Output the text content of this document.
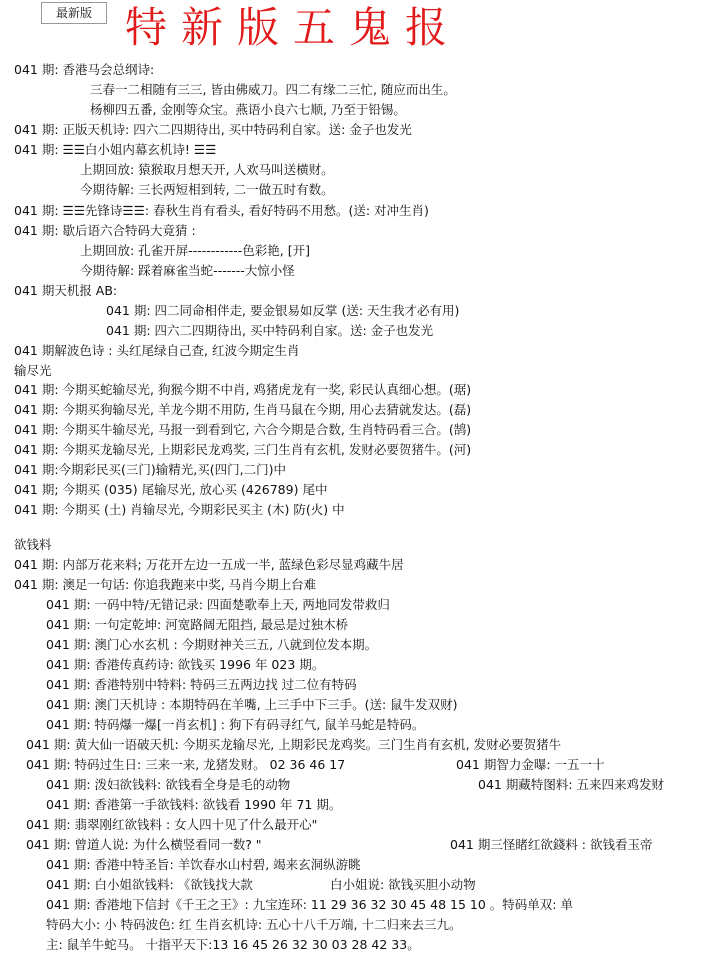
最新版 特新版五鬼报
041 期: 香港马会总纲诗:
三春一二相随有三三, 皆由佛威刀。四二有缘二三忙, 随应而出生。
杨柳四五番, 金刚等众宝。燕语小良六七顺, 乃至于铅锡。
041 期: 正版天机诗: 四六二四期待出, 买中特码利自家。送: 金子也发光
041 期: ☰☰白小姐内幕玄机诗! ☰☰
上期回放: 猿猴取月想天开, 人欢马叫送横财。
今期待解: 三长两短相到转, 二一做五时有数。
041 期: ☰☰先锋诗☰☰: 春秋生肖有看头, 看好特码不用愁。(送: 对冲生肖)
041 期: 歇后语六合特码大竟猜 :
上期回放: 孔雀开屏------------色彩艳, [开]
今期待解: 踩着麻雀当蛇-------大惊小怪
041 期天机报 AB:
041 期: 四二同命相伴走, 要金银易如反掌 (送: 天生我才必有用)
041 期: 四六二四期待出, 买中特码利自家。送: 金子也发光
041 期解波色诗 : 头红尾绿自己查, 红波今期定生肖
输尽光
041 期: 今期买蛇输尽光, 狗猴今期不中肖, 鸡猪虎龙有一奖, 彩民认真细心想。(琚)
041 期: 今期买狗输尽光, 羊龙今期不用防, 生肖马鼠在今期, 用心去猜就发达。(磊)
041 期: 今期买牛输尽光, 马报一到看到它, 六合今期是合数, 生肖特码看三合。(鹄)
041 期: 今期买龙输尽光, 上期彩民龙鸡奖, 三门生肖有玄机, 发财必要贺猪牛。(河)
041 期:今期彩民买(三门)输精光,买(四门,二门)中
041 期; 今期买 (035) 尾输尽光, 放心买 (426789) 尾中
041 期: 今期买 (土) 肖输尽光, 今期彩民买主 (木) 防(火) 中
欲钱料
041 期: 内部万花来料; 万花开左边一五成一半, 蓝绿色彩尽显鸡藏牛居
041 期: 澳足一句话: 你追我跑来中奖, 马肖今期上台难
041 期: 一码中特/无错记录: 四面楚歌奉上天, 两地同发带救归
041 期: 一句定乾坤: 河宽路阔无阻挡, 最忌是过独木桥
041 期: 澳门心水玄机 : 今期财神关三五, 八就到位发本期。
041 期: 香港传真药诗: 欲钱买 1996 年 023 期。
041 期: 香港特别中特料: 特码三五两边找 过二位有特码
041 期: 澳门天机诗 : 本期特码在羊嘴, 上三手中下三手。(送: 鼠牛发双财)
041 期: 特码爆一爆[一肖玄机] : 狗下有码寻红气, 鼠羊马蛇是特码。
041 期: 黄大仙一语破天机: 今期买龙输尽光, 上期彩民龙鸡奖。三门生肖有玄机, 发财必要贺猪牛
041 期: 特码过生日: 三来一来, 龙猪发财。 02 36 46 17	041 期智力金曝: 一五一十
041 期: 泼妇欲钱料: 欲钱看全身是毛的动物	041 期藏特图料: 五来四来鸡发财
041 期: 香港第一手欲钱料: 欲钱看 1990 年 71 期。
041 期: 翡翠刚红欲钱料 : 女人四十见了什么最开心"
041 期: 曾道人说: 为什么横竖看同一数? "	041 期三怪睹红欲錢料 : 欲钱看玉帝
041 期: 香港中特圣旨: 羊饮春水山村碧, 竭来玄洞纵游眺
041 期: 白小姐欲钱料: 《欲钱找大款	白小姐说: 欲钱买胆小动物
041 期: 香港地下信封《千王之王》: 九宝连环: 11 29 36 32 30 45 48 15 10 。特码单双: 单
特码大小: 小 特码波色: 红 生肖玄机诗: 五心十八千万端, 十二归来去三九。
主: 鼠羊牛蛇马。 十指平天下:13 16 45 26 32 30 03 28 42 33。
